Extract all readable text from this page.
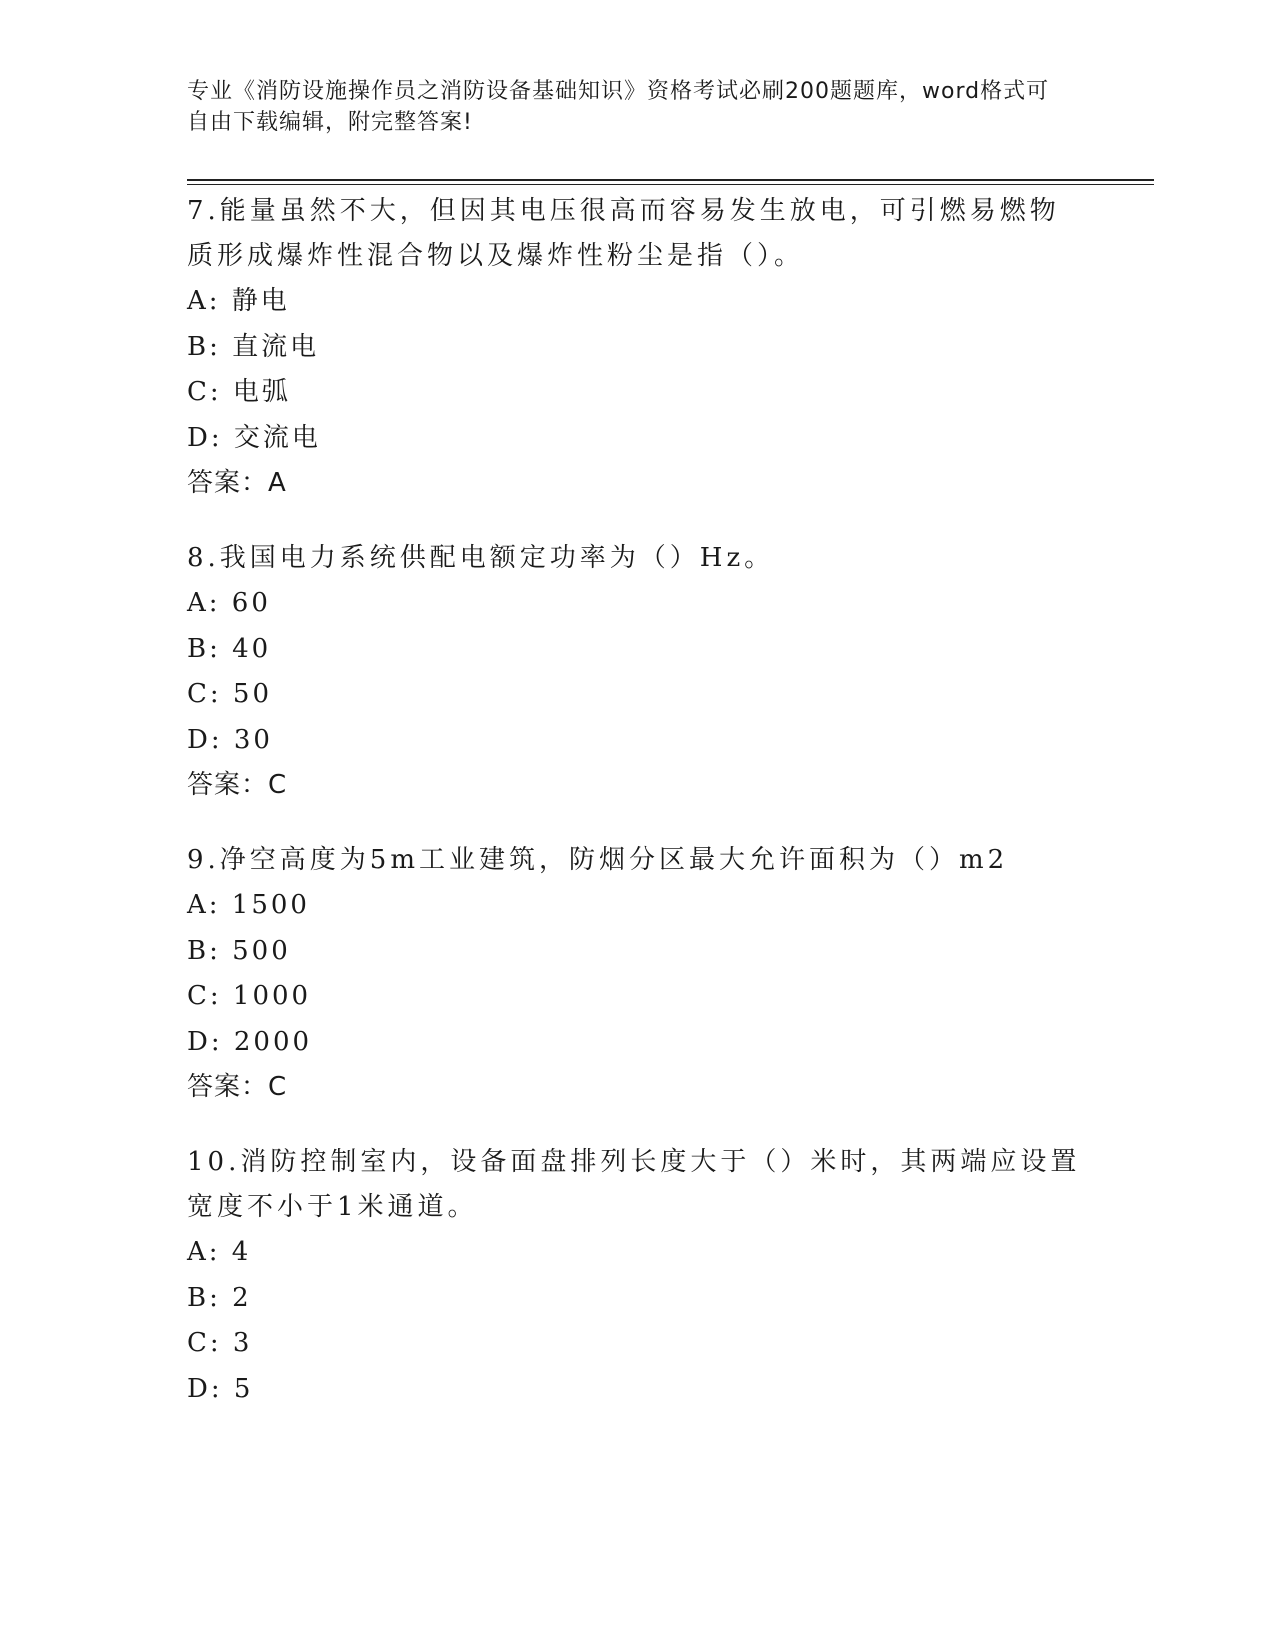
专业《消防设施操作员之消防设备基础知识》资格考试必刷200题题库，word格式可自由下载编辑，附完整答案!

7.能量虽然不大，但因其电压很高而容易发生放电，可引燃易燃物质形成爆炸性混合物以及爆炸性粉尘是指（）。

A: 静电

B: 直流电

C: 电弧

D: 交流电

答案：A

8.我国电力系统供配电额定功率为（）Hz。

A: 60

B: 40

C: 50

D: 30

答案：C

9.净空高度为5m工业建筑，防烟分区最大允许面积为（）m2

A: 1500

B: 500

C: 1000

D: 2000

答案：C

10.消防控制室内，设备面盘排列长度大于（）米时，其两端应设置宽度不小于1米通道。

A: 4

B: 2

C: 3

D: 5
